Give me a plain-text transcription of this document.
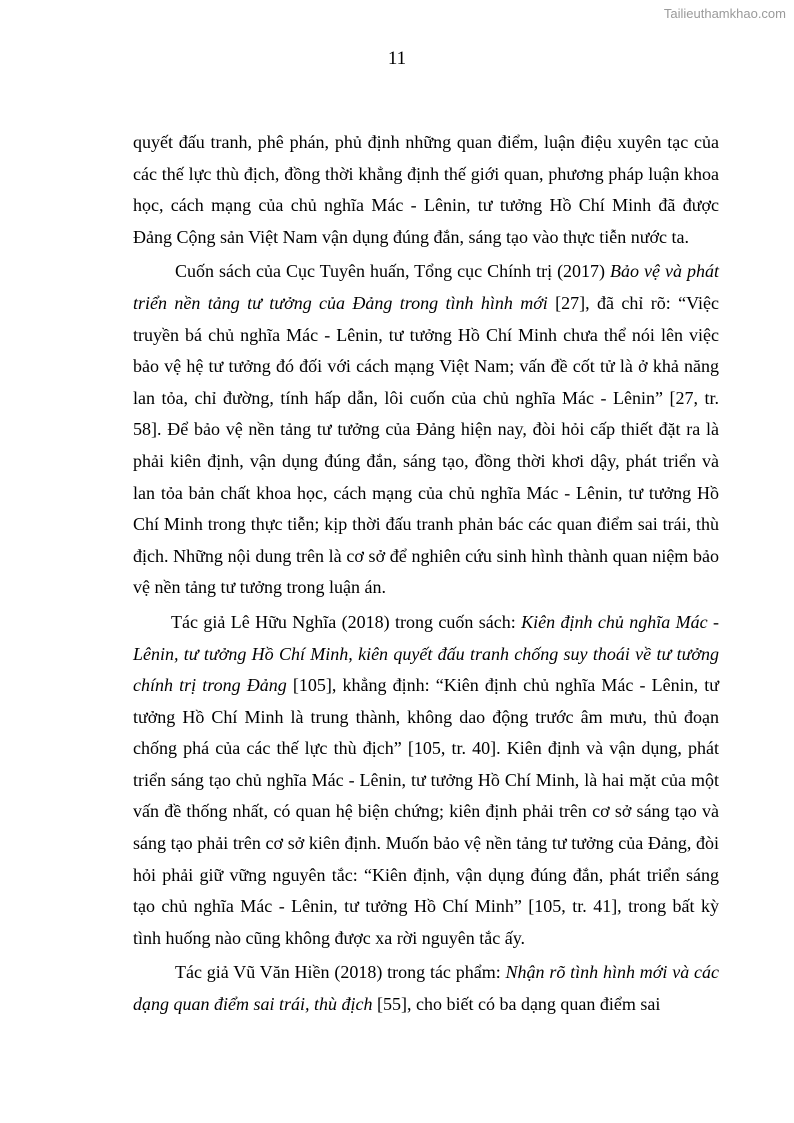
Tailieuthamkhao.com
11

quyết đấu tranh, phê phán, phủ định những quan điểm, luận điệu xuyên tạc của các thế lực thù địch, đồng thời khẳng định thế giới quan, phương pháp luận khoa học, cách mạng của chủ nghĩa Mác - Lênin, tư tưởng Hồ Chí Minh đã được Đảng Cộng sản Việt Nam vận dụng đúng đắn, sáng tạo vào thực tiễn nước ta.

Cuốn sách của Cục Tuyên huấn, Tổng cục Chính trị (2017) Bảo vệ và phát triển nền tảng tư tưởng của Đảng trong tình hình mới [27], đã chỉ rõ: “Việc truyền bá chủ nghĩa Mác - Lênin, tư tưởng Hồ Chí Minh chưa thể nói lên việc bảo vệ hệ tư tưởng đó đối với cách mạng Việt Nam; vấn đề cốt tử là ở khả năng lan tỏa, chỉ đường, tính hấp dẫn, lôi cuốn của chủ nghĩa Mác - Lênin” [27, tr. 58]. Để bảo vệ nền tảng tư tưởng của Đảng hiện nay, đòi hỏi cấp thiết đặt ra là phải kiên định, vận dụng đúng đắn, sáng tạo, đồng thời khơi dậy, phát triển và lan tỏa bản chất khoa học, cách mạng của chủ nghĩa Mác - Lênin, tư tưởng Hồ Chí Minh trong thực tiễn; kịp thời đấu tranh phản bác các quan điểm sai trái, thù địch. Những nội dung trên là cơ sở để nghiên cứu sinh hình thành quan niệm bảo vệ nền tảng tư tưởng trong luận án.

Tác giả Lê Hữu Nghĩa (2018) trong cuốn sách: Kiên định chủ nghĩa Mác - Lênin, tư tưởng Hồ Chí Minh, kiên quyết đấu tranh chống suy thoái về tư tưởng chính trị trong Đảng [105], khẳng định: “Kiên định chủ nghĩa Mác - Lênin, tư tưởng Hồ Chí Minh là trung thành, không dao động trước âm mưu, thủ đoạn chống phá của các thế lực thù địch” [105, tr. 40]. Kiên định và vận dụng, phát triển sáng tạo chủ nghĩa Mác - Lênin, tư tưởng Hồ Chí Minh, là hai mặt của một vấn đề thống nhất, có quan hệ biện chứng; kiên định phải trên cơ sở sáng tạo và sáng tạo phải trên cơ sở kiên định. Muốn bảo vệ nền tảng tư tưởng của Đảng, đòi hỏi phải giữ vững nguyên tắc: “Kiên định, vận dụng đúng đắn, phát triển sáng tạo chủ nghĩa Mác - Lênin, tư tưởng Hồ Chí Minh” [105, tr. 41], trong bất kỳ tình huống nào cũng không được xa rời nguyên tắc ấy.

Tác giả Vũ Văn Hiền (2018) trong tác phẩm: Nhận rõ tình hình mới và các dạng quan điểm sai trái, thù địch [55], cho biết có ba dạng quan điểm sai
